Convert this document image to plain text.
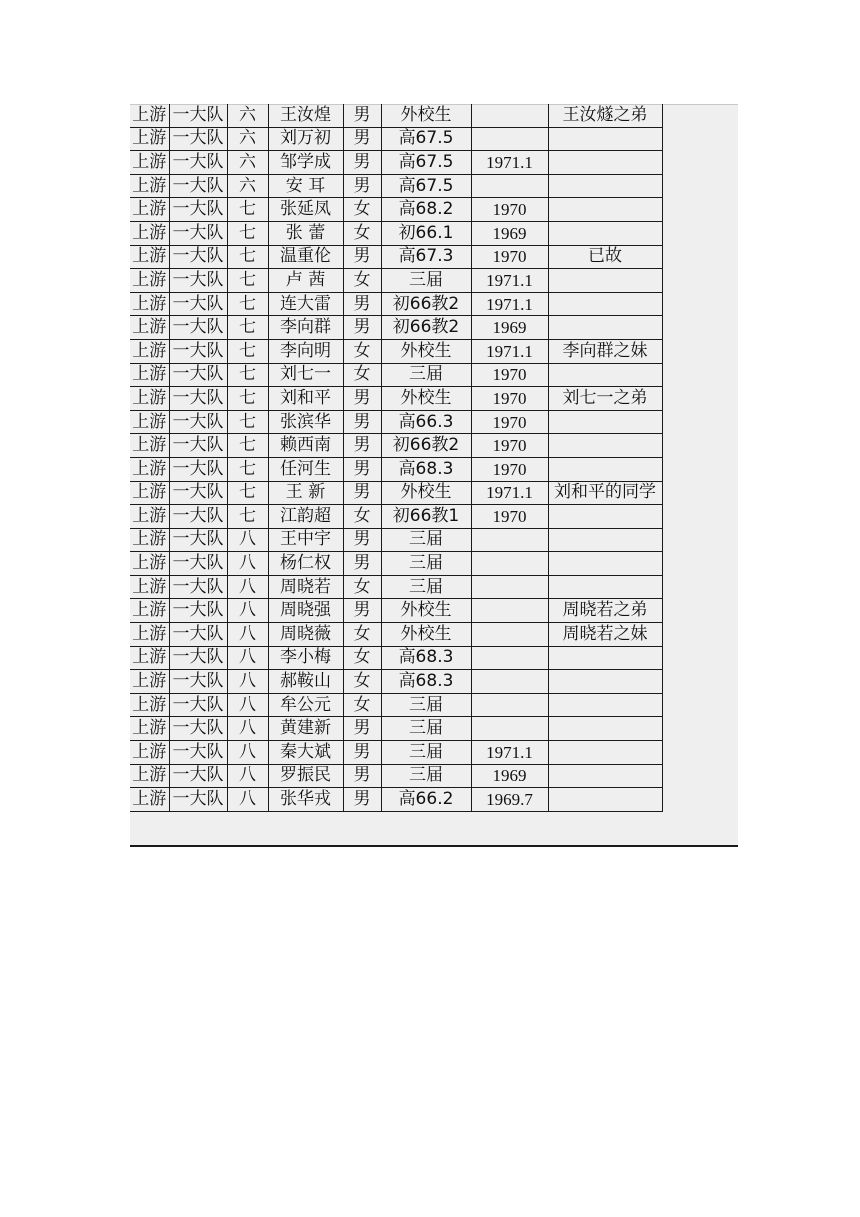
上游	一大队	六	王汝煌	男	外校生		王汝燧之弟
上游	一大队	六	刘万初	男	高67.5		
上游	一大队	六	邹学成	男	高67.5	1971.1	
上游	一大队	六	安 耳	男	高67.5		
上游	一大队	七	张延凤	女	高68.2	1970	
上游	一大队	七	张 蕾	女	初66.1	1969	
上游	一大队	七	温重伦	男	高67.3	1970	已故
上游	一大队	七	卢 茜	女	三届	1971.1	
上游	一大队	七	连大雷	男	初66教2	1971.1	
上游	一大队	七	李向群	男	初66教2	1969	
上游	一大队	七	李向明	女	外校生	1971.1	李向群之妹
上游	一大队	七	刘七一	女	三届	1970	
上游	一大队	七	刘和平	男	外校生	1970	刘七一之弟
上游	一大队	七	张滨华	男	高66.3	1970	
上游	一大队	七	赖西南	男	初66教2	1970	
上游	一大队	七	任河生	男	高68.3	1970	
上游	一大队	七	王 新	男	外校生	1971.1	刘和平的同学
上游	一大队	七	江韵超	女	初66教1	1970	
上游	一大队	八	王中宇	男	三届		
上游	一大队	八	杨仁权	男	三届		
上游	一大队	八	周晓若	女	三届		
上游	一大队	八	周晓强	男	外校生		周晓若之弟
上游	一大队	八	周晓薇	女	外校生		周晓若之妹
上游	一大队	八	李小梅	女	高68.3		
上游	一大队	八	郝鞍山	女	高68.3		
上游	一大队	八	牟公元	女	三届		
上游	一大队	八	黄建新	男	三届		
上游	一大队	八	秦大斌	男	三届	1971.1	
上游	一大队	八	罗振民	男	三届	1969	
上游	一大队	八	张华戎	男	高66.2	1969.7	
